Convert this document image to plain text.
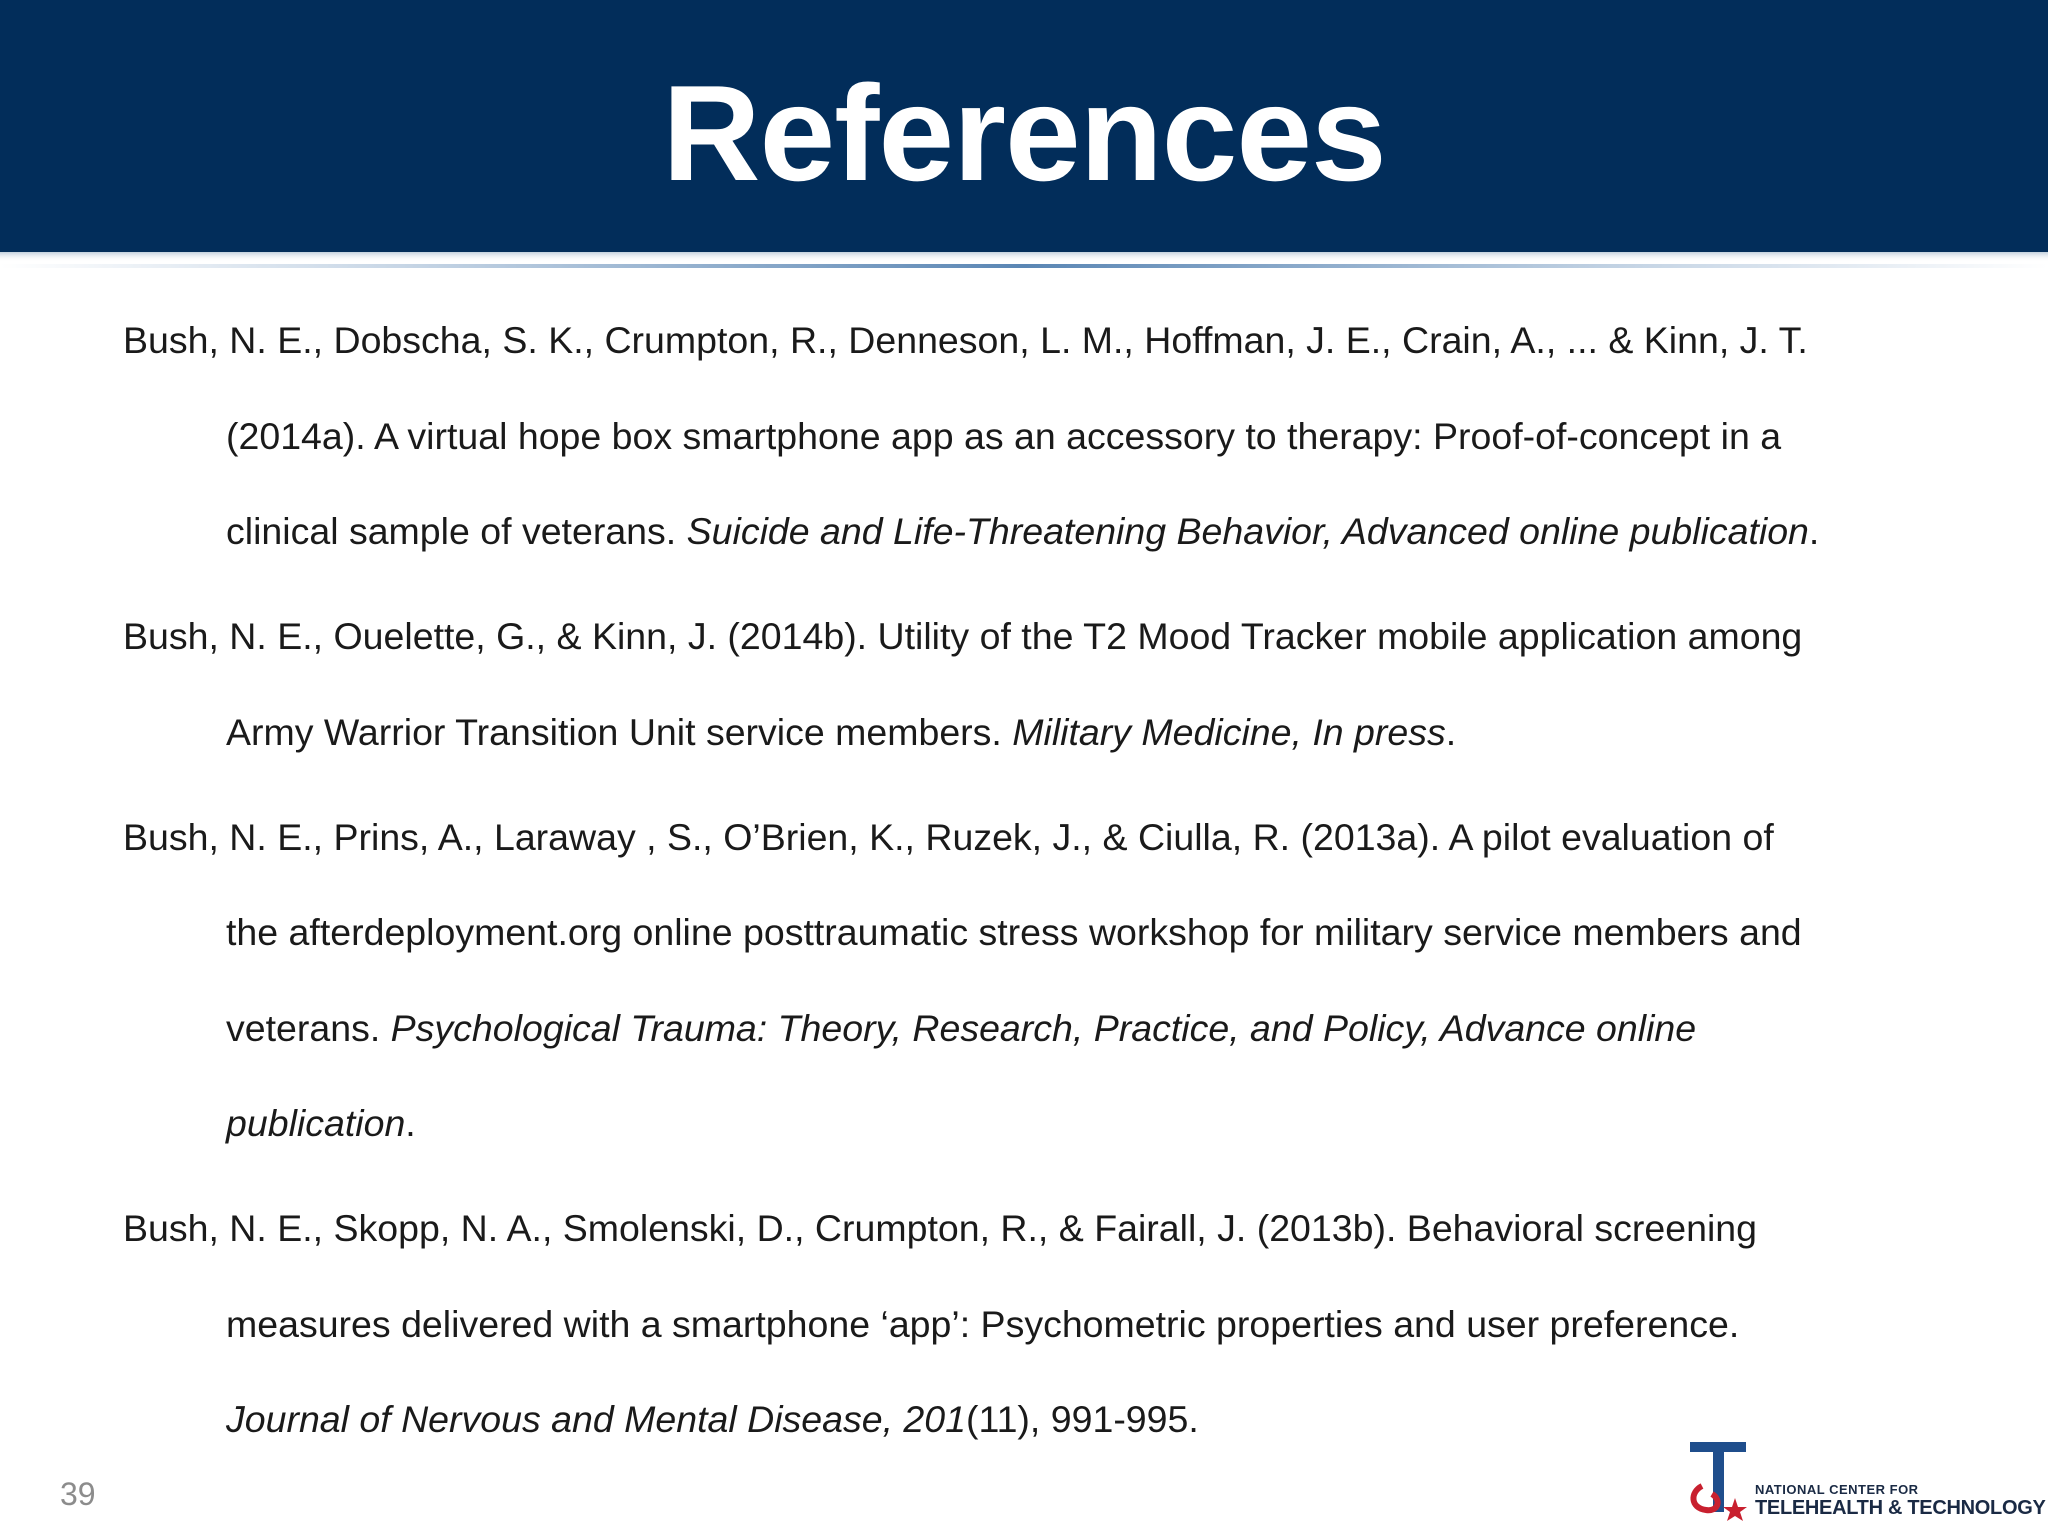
References
Bush, N. E., Dobscha, S. K., Crumpton, R., Denneson, L. M., Hoffman, J. E., Crain, A., ... & Kinn, J. T.
(2014a). A virtual hope box smartphone app as an accessory to therapy: Proof-of-concept in a
clinical sample of veterans. Suicide and Life-Threatening Behavior, Advanced online publication.
Bush, N. E., Ouelette, G., & Kinn, J. (2014b). Utility of the T2 Mood Tracker mobile application among
Army Warrior Transition Unit service members. Military Medicine, In press.
Bush, N. E., Prins, A., Laraway , S., O’Brien, K., Ruzek, J., & Ciulla, R. (2013a). A pilot evaluation of
the afterdeployment.org online posttraumatic stress workshop for military service members and
veterans. Psychological Trauma: Theory, Research, Practice, and Policy, Advance online
publication.
Bush, N. E., Skopp, N. A., Smolenski, D., Crumpton, R., & Fairall, J. (2013b). Behavioral screening
measures delivered with a smartphone ‘app’: Psychometric properties and user preference.
Journal of Nervous and Mental Disease, 201(11), 991-995.
39	NATIONAL CENTER FOR
TELEHEALTH & TECHNOLOGY
